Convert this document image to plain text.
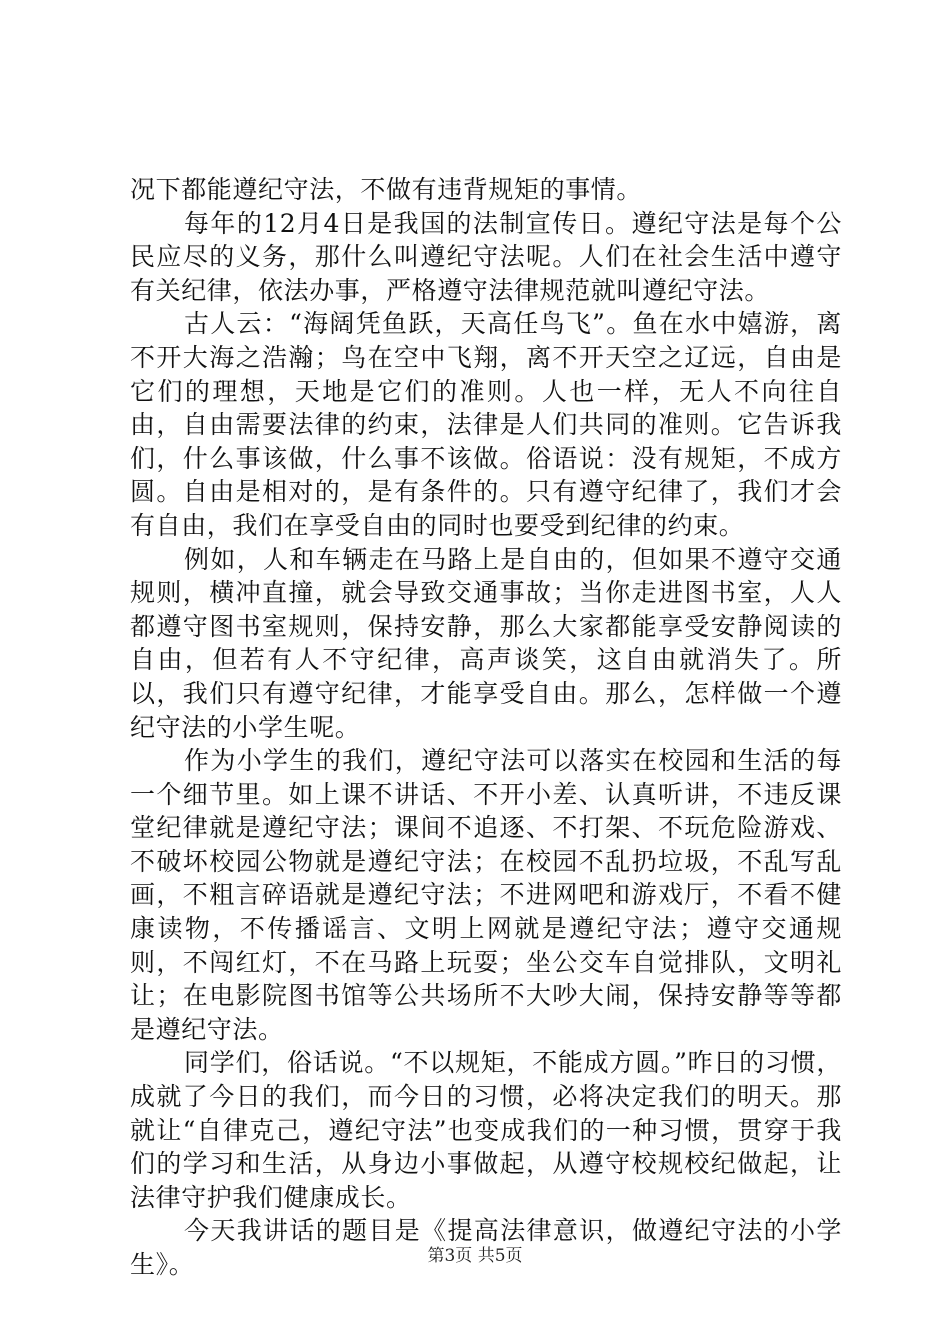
况下都能遵纪守法，不做有违背规矩的事情。

每年的12月4日是我国的法制宣传日。遵纪守法是每个公民应尽的义务，那什么叫遵纪守法呢。人们在社会生活中遵守有关纪律，依法办事，严格遵守法律规范就叫遵纪守法。

古人云：“海阔凭鱼跃，天高任鸟飞”。鱼在水中嬉游，离不开大海之浩瀚；鸟在空中飞翔，离不开天空之辽远，自由是它们的理想，天地是它们的准则。人也一样，无人不向往自由，自由需要法律的约束，法律是人们共同的准则。它告诉我们，什么事该做，什么事不该做。俗语说：没有规矩，不成方圆。自由是相对的，是有条件的。只有遵守纪律了，我们才会有自由，我们在享受自由的同时也要受到纪律的约束。

例如，人和车辆走在马路上是自由的，但如果不遵守交通规则，横冲直撞，就会导致交通事故；当你走进图书室，人人都遵守图书室规则，保持安静，那么大家都能享受安静阅读的自由，但若有人不守纪律，高声谈笑，这自由就消失了。所以，我们只有遵守纪律，才能享受自由。那么，怎样做一个遵纪守法的小学生呢。

作为小学生的我们，遵纪守法可以落实在校园和生活的每一个细节里。如上课不讲话、不开小差、认真听讲，不违反课堂纪律就是遵纪守法；课间不追逐、不打架、不玩危险游戏、不破坏校园公物就是遵纪守法；在校园不乱扔垃圾，不乱写乱画，不粗言碎语就是遵纪守法；不进网吧和游戏厅，不看不健康读物，不传播谣言、文明上网就是遵纪守法；遵守交通规则，不闯红灯，不在马路上玩耍；坐公交车自觉排队，文明礼让；在电影院图书馆等公共场所不大吵大闹，保持安静等等都是遵纪守法。

同学们，俗话说。“不以规矩，不能成方圆。”昨日的习惯，成就了今日的我们，而今日的习惯，必将决定我们的明天。那就让“自律克己，遵纪守法”也变成我们的一种习惯，贯穿于我们的学习和生活，从身边小事做起，从遵守校规校纪做起，让法律守护我们健康成长。

今天我讲话的题目是《提高法律意识，做遵纪守法的小学生》。	第3页 共5页
